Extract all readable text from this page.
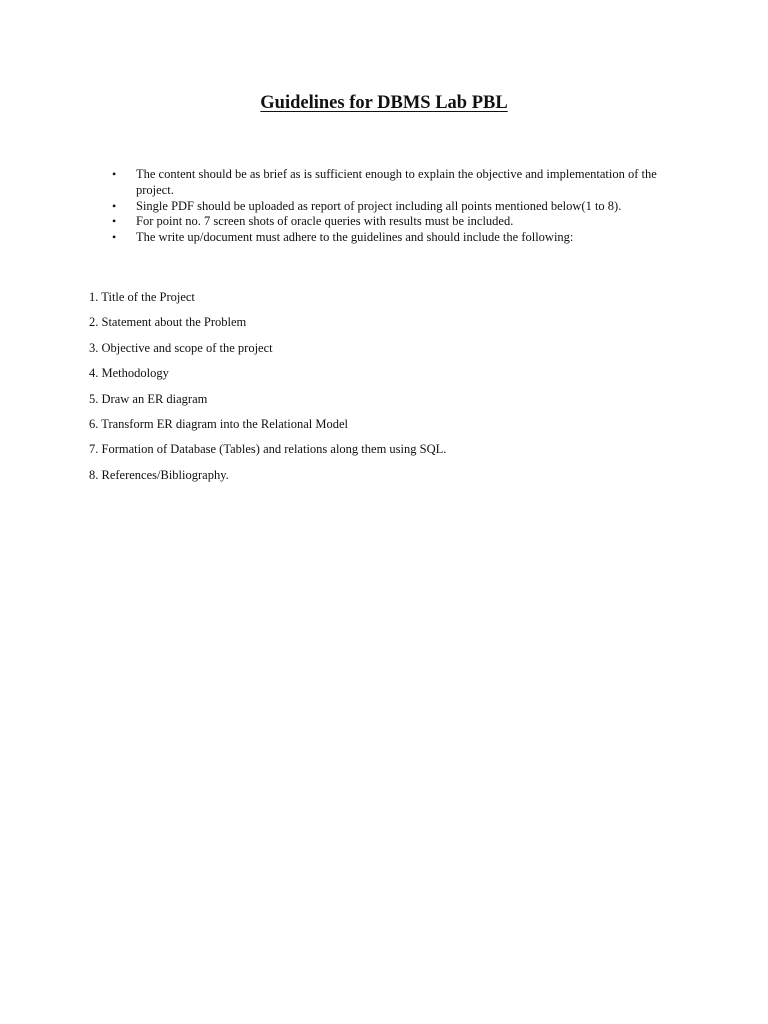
Guidelines for DBMS Lab PBL
• The content should be as brief as is sufficient enough to explain the objective and implementation of the project.
• Single PDF should be uploaded as report of project including all points mentioned below(1 to 8).
• For point no. 7 screen shots of oracle queries with results must be included.
• The write up/document must adhere to the guidelines and should include the following:
1. Title of the Project
2. Statement about the Problem
3. Objective and scope of the project
4. Methodology
5. Draw an ER diagram
6. Transform ER diagram into the Relational Model
7. Formation of Database (Tables) and relations along them using SQL.
8. References/Bibliography.
